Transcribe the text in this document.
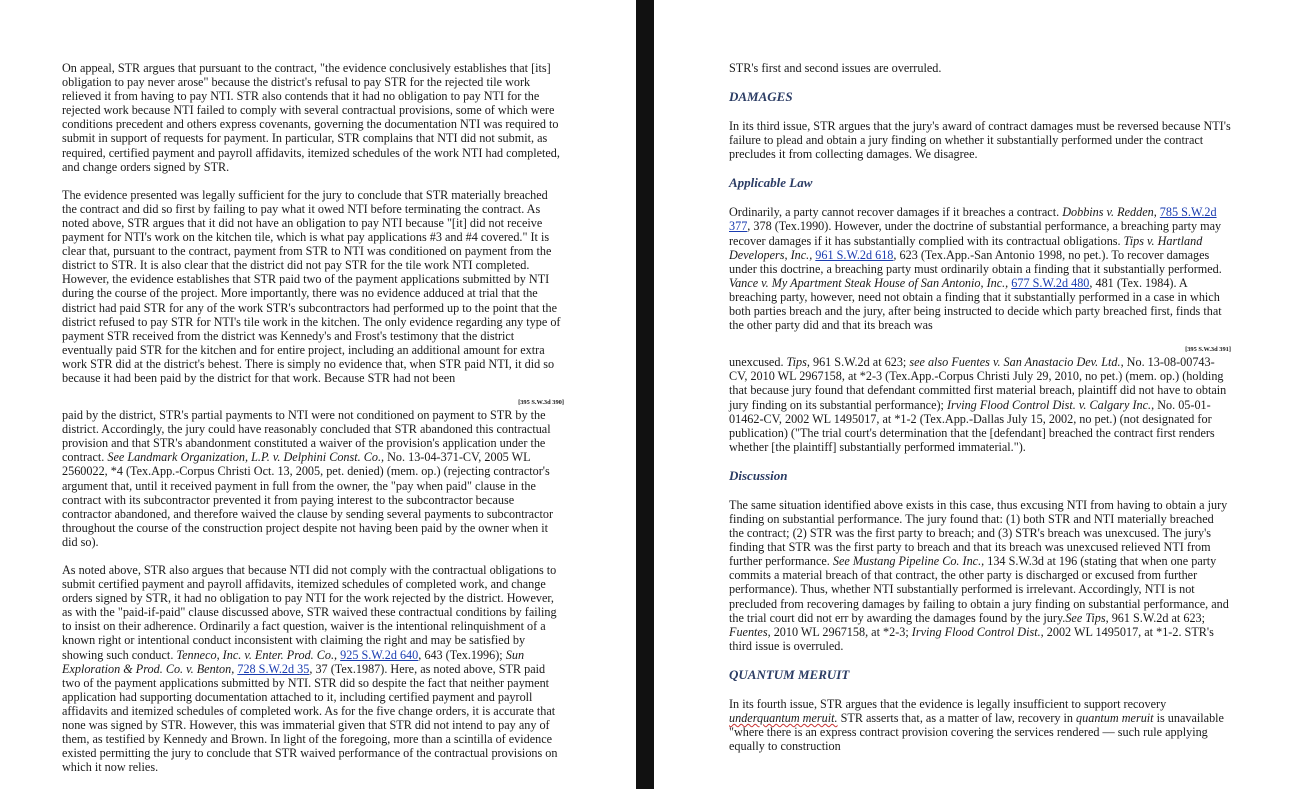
On appeal, STR argues that pursuant to the contract, "the evidence conclusively establishes that [its] obligation to pay never arose" because the district's refusal to pay STR for the rejected tile work relieved it from having to pay NTI. STR also contends that it had no obligation to pay NTI for the rejected work because NTI failed to comply with several contractual provisions, some of which were conditions precedent and others express covenants, governing the documentation NTI was required to submit in support of requests for payment. In particular, STR complains that NTI did not submit, as required, certified payment and payroll affidavits, itemized schedules of the work NTI had completed, and change orders signed by STR.

The evidence presented was legally sufficient for the jury to conclude that STR materially breached the contract and did so first by failing to pay what it owed NTI before terminating the contract. As noted above, STR argues that it did not have an obligation to pay NTI because "[it] did not receive payment for NTI's work on the kitchen tile, which is what pay applications #3 and #4 covered." It is clear that, pursuant to the contract, payment from STR to NTI was conditioned on payment from the district to STR. It is also clear that the district did not pay STR for the tile work NTI completed. However, the evidence establishes that STR paid two of the payment applications submitted by NTI during the course of the project. More importantly, there was no evidence adduced at trial that the district had paid STR for any of the work STR's subcontractors had performed up to the point that the district refused to pay STR for NTI's tile work in the kitchen. The only evidence regarding any type of payment STR received from the district was Kennedy's and Frost's testimony that the district eventually paid STR for the kitchen and for entire project, including an additional amount for extra work STR did at the district's behest. There is simply no evidence that, when STR paid NTI, it did so because it had been paid by the district for that work. Because STR had not been

[395 S.W.3d 390]

paid by the district, STR's partial payments to NTI were not conditioned on payment to STR by the district. Accordingly, the jury could have reasonably concluded that STR abandoned this contractual provision and that STR's abandonment constituted a waiver of the provision's application under the contract. See Landmark Organization, L.P. v. Delphini Const. Co., No. 13-04-371-CV, 2005 WL 2560022, *4 (Tex.App.-Corpus Christi Oct. 13, 2005, pet. denied) (mem. op.) (rejecting contractor's argument that, until it received payment in full from the owner, the "pay when paid" clause in the contract with its subcontractor prevented it from paying interest to the subcontractor because contractor abandoned, and therefore waived the clause by sending several payments to subcontractor throughout the course of the construction project despite not having been paid by the owner when it did so).

As noted above, STR also argues that because NTI did not comply with the contractual obligations to submit certified payment and payroll affidavits, itemized schedules of completed work, and change orders signed by STR, it had no obligation to pay NTI for the work rejected by the district. However, as with the "paid-if-paid" clause discussed above, STR waived these contractual conditions by failing to insist on their adherence. Ordinarily a fact question, waiver is the intentional relinquishment of a known right or intentional conduct inconsistent with claiming the right and may be satisfied by showing such conduct. Tenneco, Inc. v. Enter. Prod. Co., 925 S.W.2d 640, 643 (Tex.1996); Sun Exploration & Prod. Co. v. Benton, 728 S.W.2d 35, 37 (Tex.1987). Here, as noted above, STR paid two of the payment applications submitted by NTI. STR did so despite the fact that neither payment application had supporting documentation attached to it, including certified payment and payroll affidavits and itemized schedules of completed work. As for the five change orders, it is accurate that none was signed by STR. However, this was immaterial given that STR did not intend to pay any of them, as testified by Kennedy and Brown. In light of the foregoing, more than a scintilla of evidence existed permitting the jury to conclude that STR waived performance of the contractual provisions on which it now relies.

STR's first and second issues are overruled.

DAMAGES

In its third issue, STR argues that the jury's award of contract damages must be reversed because NTI's failure to plead and obtain a jury finding on whether it substantially performed under the contract precludes it from collecting damages. We disagree.

Applicable Law

Ordinarily, a party cannot recover damages if it breaches a contract. Dobbins v. Redden, 785 S.W.2d 377, 378 (Tex.1990). However, under the doctrine of substantial performance, a breaching party may recover damages if it has substantially complied with its contractual obligations. Tips v. Hartland Developers, Inc., 961 S.W.2d 618, 623 (Tex.App.-San Antonio 1998, no pet.). To recover damages under this doctrine, a breaching party must ordinarily obtain a finding that it substantially performed. Vance v. My Apartment Steak House of San Antonio, Inc., 677 S.W.2d 480, 481 (Tex. 1984). A breaching party, however, need not obtain a finding that it substantially performed in a case in which both parties breach and the jury, after being instructed to decide which party breached first, finds that the other party did and that its breach was

[395 S.W.3d 391]

unexcused. Tips, 961 S.W.2d at 623; see also Fuentes v. San Anastacio Dev. Ltd., No. 13-08-00743-CV, 2010 WL 2967158, at *2-3 (Tex.App.-Corpus Christi July 29, 2010, no pet.) (mem. op.) (holding that because jury found that defendant committed first material breach, plaintiff did not have to obtain jury finding on its substantial performance); Irving Flood Control Dist. v. Calgary Inc., No. 05-01-01462-CV, 2002 WL 1495017, at *1-2 (Tex.App.-Dallas July 15, 2002, no pet.) (not designated for publication) ("The trial court's determination that the [defendant] breached the contract first renders whether [the plaintiff] substantially performed immaterial.").

Discussion

The same situation identified above exists in this case, thus excusing NTI from having to obtain a jury finding on substantial performance. The jury found that: (1) both STR and NTI materially breached the contract; (2) STR was the first party to breach; and (3) STR's breach was unexcused. The jury's finding that STR was the first party to breach and that its breach was unexcused relieved NTI from further performance. See Mustang Pipeline Co. Inc., 134 S.W.3d at 196 (stating that when one party commits a material breach of that contract, the other party is discharged or excused from further performance). Thus, whether NTI substantially performed is irrelevant. Accordingly, NTI is not precluded from recovering damages by failing to obtain a jury finding on substantial performance, and the trial court did not err by awarding the damages found by the jury.See Tips, 961 S.W.2d at 623; Fuentes, 2010 WL 2967158, at *2-3; Irving Flood Control Dist., 2002 WL 1495017, at *1-2. STR's third issue is overruled.

QUANTUM MERUIT

In its fourth issue, STR argues that the evidence is legally insufficient to support recovery underquantum meruit. STR asserts that, as a matter of law, recovery in quantum meruit is unavailable "where there is an express contract provision covering the services rendered — such rule applying equally to construction
